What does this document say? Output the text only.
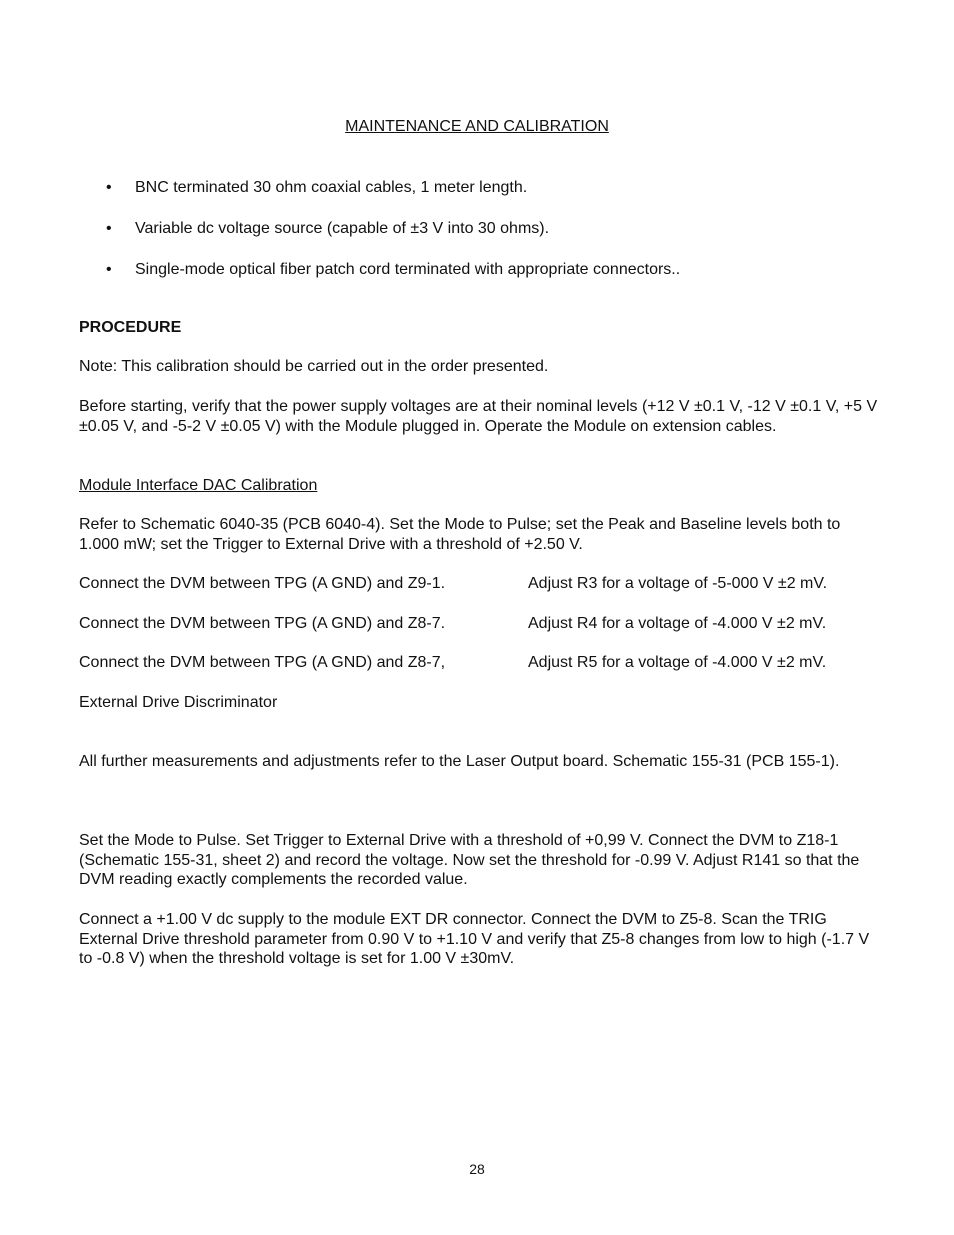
MAINTENANCE AND CALIBRATION
• BNC terminated 30 ohm coaxial cables, 1 meter length.
• Variable dc voltage source (capable of ±3 V into 30 ohms).
• Single-mode optical fiber patch cord terminated with appropriate connectors..

PROCEDURE

Note: This calibration should be carried out in the order presented.

Before starting, verify that the power supply voltages are at their nominal levels (+12 V ±0.1 V, -12 V ±0.1 V, +5 V ±0.05 V, and -5-2 V ±0.05 V) with the Module plugged in. Operate the Module on extension cables.

Module Interface DAC Calibration

Refer to Schematic 6040-35 (PCB 6040-4). Set the Mode to Pulse; set the Peak and Baseline levels both to 1.000 mW; set the Trigger to External Drive with a threshold of +2.50 V.

Connect the DVM between TPG (A GND) and Z9-1.	Adjust R3 for a voltage of -5-000 V ±2 mV.
Connect the DVM between TPG (A GND) and Z8-7.	Adjust R4 for a voltage of -4.000 V ±2 mV.
Connect the DVM between TPG (A GND) and Z8-7,	Adjust R5 for a voltage of -4.000 V ±2 mV.

External Drive Discriminator

All further measurements and adjustments refer to the Laser Output board. Schematic 155-31 (PCB 155-1).

Set the Mode to Pulse. Set Trigger to External Drive with a threshold of +0,99 V. Connect the DVM to Z18-1 (Schematic 155-31, sheet 2) and record the voltage. Now set the threshold for -0.99 V. Adjust R141 so that the DVM reading exactly complements the recorded value.

Connect a +1.00 V dc supply to the module EXT DR connector. Connect the DVM to Z5-8. Scan the TRIG External Drive threshold parameter from 0.90 V to +1.10 V and verify that Z5-8 changes from low to high (-1.7 V to -0.8 V) when the threshold voltage is set for 1.00 V ±30mV.

28
